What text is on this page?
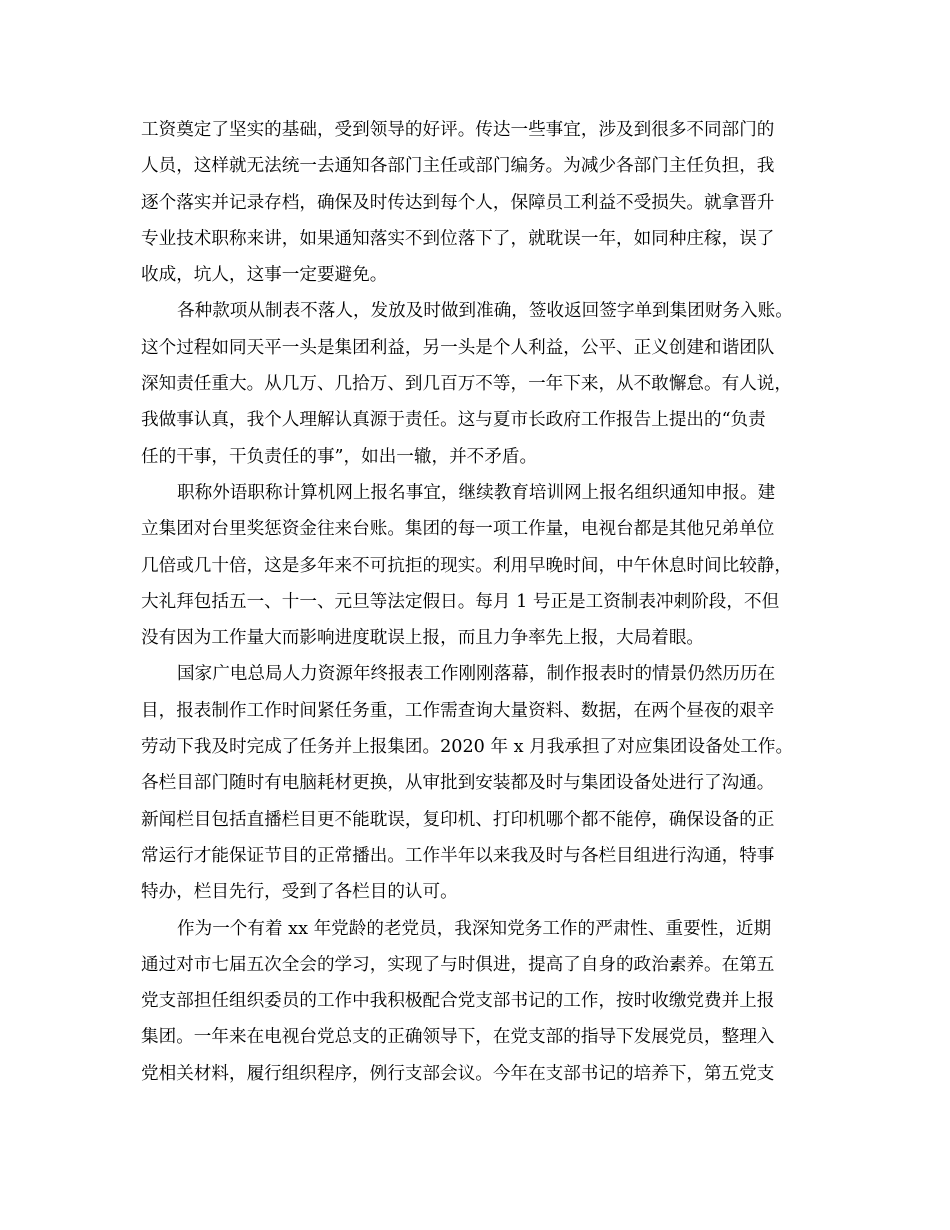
工资奠定了坚实的基础，受到领导的好评。传达一些事宜，涉及到很多不同部门的
人员，这样就无法统一去通知各部门主任或部门编务。为减少各部门主任负担，我
逐个落实并记录存档，确保及时传达到每个人，保障员工利益不受损失。就拿晋升
专业技术职称来讲，如果通知落实不到位落下了，就耽误一年，如同种庄稼，误了
收成，坑人，这事一定要避免。
各种款项从制表不落人，发放及时做到准确，签收返回签字单到集团财务入账。
这个过程如同天平一头是集团利益，另一头是个人利益，公平、正义创建和谐团队
深知责任重大。从几万、几拾万、到几百万不等，一年下来，从不敢懈怠。有人说，
我做事认真，我个人理解认真源于责任。这与夏市长政府工作报告上提出的“负责
任的干事，干负责任的事”，如出一辙，并不矛盾。
职称外语职称计算机网上报名事宜，继续教育培训网上报名组织通知申报。建
立集团对台里奖惩资金往来台账。集团的每一项工作量，电视台都是其他兄弟单位
几倍或几十倍，这是多年来不可抗拒的现实。利用早晚时间，中午休息时间比较静，
大礼拜包括五一、十一、元旦等法定假日。每月 1 号正是工资制表冲刺阶段，不但
没有因为工作量大而影响进度耽误上报，而且力争率先上报，大局着眼。
国家广电总局人力资源年终报表工作刚刚落幕，制作报表时的情景仍然历历在
目，报表制作工作时间紧任务重，工作需查询大量资料、数据，在两个昼夜的艰辛
劳动下我及时完成了任务并上报集团。2020 年 x 月我承担了对应集团设备处工作。
各栏目部门随时有电脑耗材更换，从审批到安装都及时与集团设备处进行了沟通。
新闻栏目包括直播栏目更不能耽误，复印机、打印机哪个都不能停，确保设备的正
常运行才能保证节目的正常播出。工作半年以来我及时与各栏目组进行沟通，特事
特办，栏目先行，受到了各栏目的认可。
作为一个有着 xx 年党龄的老党员，我深知党务工作的严肃性、重要性，近期
通过对市七届五次全会的学习，实现了与时俱进，提高了自身的政治素养。在第五
党支部担任组织委员的工作中我积极配合党支部书记的工作，按时收缴党费并上报
集团。一年来在电视台党总支的正确领导下，在党支部的指导下发展党员，整理入
党相关材料，履行组织程序，例行支部会议。今年在支部书记的培养下，第五党支
